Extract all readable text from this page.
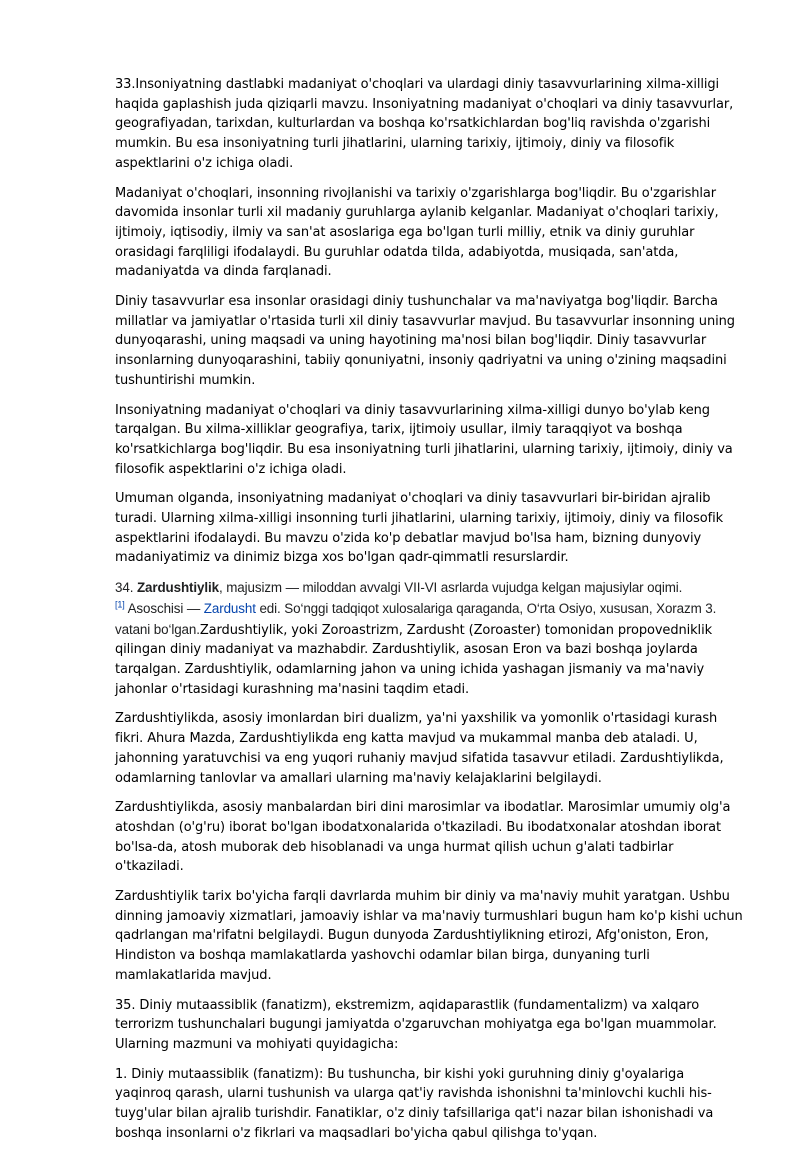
33.Insoniyatning dastlabki madaniyat o'choqlari va ulardagi diniy tasavvurlarining xilma-xilligi haqida gaplashish juda qiziqarli mavzu. Insoniyatning madaniyat o'choqlari va diniy tasavvurlar, geografiyadan, tarixdan, kulturlardan va boshqa ko'rsatkichlardan bog'liq ravishda o'zgarishi mumkin. Bu esa insoniyatning turli jihatlarini, ularning tarixiy, ijtimoiy, diniy va filosofik aspektlarini o'z ichiga oladi.

Madaniyat o'choqlari, insonning rivojlanishi va tarixiy o'zgarishlarga bog'liqdir. Bu o'zgarishlar davomida insonlar turli xil madaniy guruhlarga aylanib kelganlar. Madaniyat o'choqlari tarixiy, ijtimoiy, iqtisodiy, ilmiy va san'at asoslariga ega bo'lgan turli milliy, etnik va diniy guruhlar orasidagi farqliligi ifodalaydi. Bu guruhlar odatda tilda, adabiyotda, musiqada, san'atda, madaniyatda va dinda farqlanadi.

Diniy tasavvurlar esa insonlar orasidagi diniy tushunchalar va ma'naviyatga bog'liqdir. Barcha millatlar va jamiyatlar o'rtasida turli xil diniy tasavvurlar mavjud. Bu tasavvurlar insonning uning dunyoqarashi, uning maqsadi va uning hayotining ma'nosi bilan bog'liqdir. Diniy tasavvurlar insonlarning dunyoqarashini, tabiiy qonuniyatni, insoniy qadriyatni va uning o'zining maqsadini tushuntirishi mumkin.

Insoniyatning madaniyat o'choqlari va diniy tasavvurlarining xilma-xilligi dunyo bo'ylab keng tarqalgan. Bu xilma-xilliklar geografiya, tarix, ijtimoiy usullar, ilmiy taraqqiyot va boshqa ko'rsatkichlarga bog'liqdir. Bu esa insoniyatning turli jihatlarini, ularning tarixiy, ijtimoiy, diniy va filosofik aspektlarini o'z ichiga oladi.

Umuman olganda, insoniyatning madaniyat o'choqlari va diniy tasavvurlari bir-biridan ajralib turadi. Ularning xilma-xilligi insonning turli jihatlarini, ularning tarixiy, ijtimoiy, diniy va filosofik aspektlarini ifodalaydi. Bu mavzu o'zida ko'p debatlar mavjud bo'lsa ham, bizning dunyoviy madaniyatimiz va dinimiz bizga xos bo'lgan qadr-qimmatli resurslardir.

34. Zardushtiylik, majusizm — miloddan avvalgi VII-VI asrlarda vujudga kelgan majusiylar oqimi.
[1] Asoschisi — Zardusht edi. So‘nggi tadqiqot xulosalariga qaraganda, O‘rta Osiyo, xususan, Xorazm 3. vatani bo‘lgan.Zardushtiylik, yoki Zoroastrizm, Zardusht (Zoroaster) tomonidan propovedniklik qilingan diniy madaniyat va mazhabdir. Zardushtiylik, asosan Eron va bazi boshqa joylarda tarqalgan. Zardushtiylik, odamlarning jahon va uning ichida yashagan jismaniy va ma'naviy jahonlar o'rtasidagi kurashning ma'nasini taqdim etadi.

Zardushtiylikda, asosiy imonlardan biri dualizm, ya'ni yaxshilik va yomonlik o'rtasidagi kurash fikri. Ahura Mazda, Zardushtiylikda eng katta mavjud va mukammal manba deb ataladi. U, jahonning yaratuvchisi va eng yuqori ruhaniy mavjud sifatida tasavvur etiladi. Zardushtiylikda, odamlarning tanlovlar va amallari ularning ma'naviy kelajaklarini belgilaydi.

Zardushtiylikda, asosiy manbalardan biri dini marosimlar va ibodatlar. Marosimlar umumiy olg'a atoshdan (o'g'ru) iborat bo'lgan ibodatxonalarida o'tkaziladi. Bu ibodatxonalar atoshdan iborat bo'lsa-da, atosh muborak deb hisoblanadi va unga hurmat qilish uchun g'alati tadbirlar o'tkaziladi.

Zardushtiylik tarix bo'yicha farqli davrlarda muhim bir diniy va ma'naviy muhit yaratgan. Ushbu dinning jamoaviy xizmatlari, jamoaviy ishlar va ma'naviy turmushlari bugun ham ko'p kishi uchun qadrlangan ma'rifatni belgilaydi. Bugun dunyoda Zardushtiylikning etirozi, Afg'oniston, Eron, Hindiston va boshqa mamlakatlarda yashovchi odamlar bilan birga, dunyaning turli mamlakatlarida mavjud.

35. Diniy mutaassiblik (fanatizm), ekstremizm, aqidaparastlik (fundamentalizm) va xalqaro terrorizm tushunchalari bugungi jamiyatda o'zgaruvchan mohiyatga ega bo'lgan muammolar. Ularning mazmuni va mohiyati quyidagicha:

1. Diniy mutaassiblik (fanatizm): Bu tushuncha, bir kishi yoki guruhning diniy g'oyalariga yaqinroq qarash, ularni tushunish va ularga qat'iy ravishda ishonishni ta'minlovchi kuchli his-tuyg'ular bilan ajralib turishdir. Fanatiklar, o'z diniy tafsillariga qat'i nazar bilan ishonishadi va boshqa insonlarni o'z fikrlari va maqsadlari bo'yicha qabul qilishga to'yqan.
